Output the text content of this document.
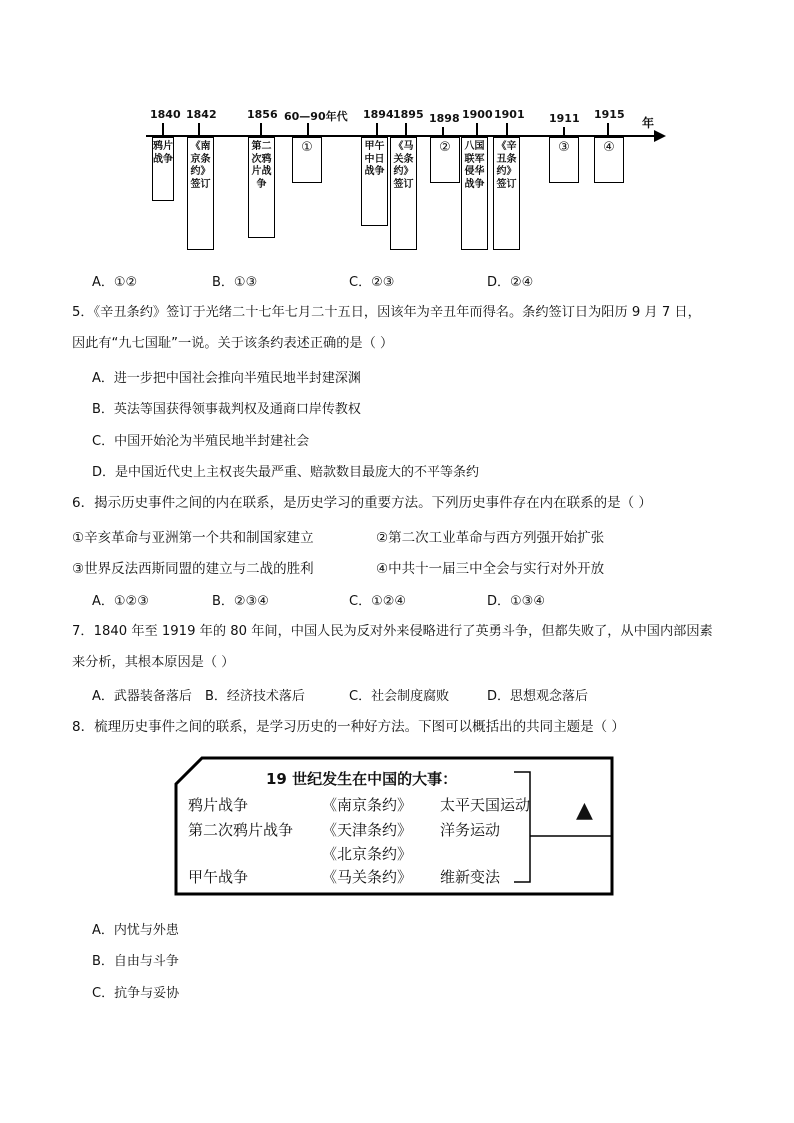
年
1840 1842	1856 60—90年代 1894 1895 1898 1900 1901 1911 1915
鸦片战争
《南京条约》签订
第二次鸦片战争
①	甲午中日战争
《马关条约》签订
②	八国联军侵华战争
《辛丑条约》签订
③	④
A．①②	B．①③	C．②③	D．②④
5．《辛丑条约》签订于光绪二十七年七月二十五日，因该年为辛丑年而得名。条约签订日为阳历 9 月 7 日，
因此有“九七国耻”一说。关于该条约表述正确的是（ ）
A．进一步把中国社会推向半殖民地半封建深渊
B．英法等国获得领事裁判权及通商口岸传教权
C．中国开始沦为半殖民地半封建社会
D．是中国近代史上主权丧失最严重、赔款数目最庞大的不平等条约
6．揭示历史事件之间的内在联系，是历史学习的重要方法。下列历史事件存在内在联系的是（ ）
①辛亥革命与亚洲第一个共和制国家建立	②第二次工业革命与西方列强开始扩张
③世界反法西斯同盟的建立与二战的胜利	④中共十一届三中全会与实行对外开放
A．①②③	B．②③④	C．①②④	D．①③④
7．1840 年至 1919 年的 80 年间，中国人民为反对外来侵略进行了英勇斗争，但都失败了，从中国内部因素
来分析，其根本原因是（ ）
A．武器装备落后 B．经济技术落后	C．社会制度腐败	D．思想观念落后
8．梳理历史事件之间的联系，是学习历史的一种好方法。下图可以概括出的共同主题是（ ）
19 世纪发生在中国的大事：
鸦片战争	《南京条约》 太平天国运动
第二次鸦片战争 《天津条约》 洋务运动
《北京条约》
甲午战争	《马关条约》 维新变法
▲
A．内忧与外患
B．自由与斗争
C．抗争与妥协
